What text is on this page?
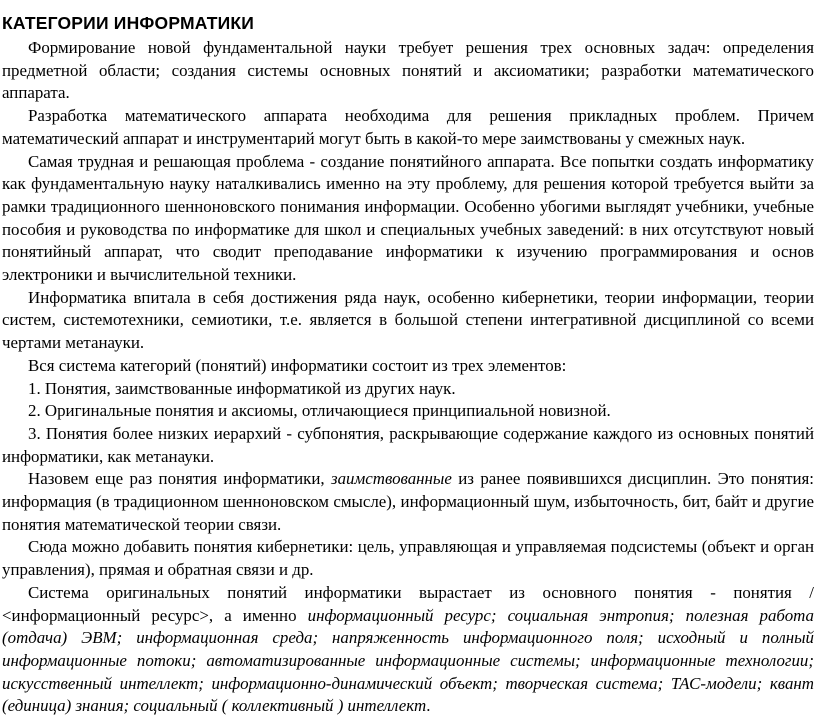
КАТЕГОРИИ ИНФОРМАТИКИ

Формирование новой фундаментальной науки требует решения трех основных задач: определения предметной области; создания системы основных понятий и аксиоматики; разработки математического аппарата.

Разработка математического аппарата необходима для решения прикладных проблем. Причем математический аппарат и инструментарий могут быть в какой-то мере заимствованы у смежных наук.

Самая трудная и решающая проблема - создание понятийного аппарата. Все попытки создать информатику как фундаментальную науку наталкивались именно на эту проблему, для решения которой требуется выйти за рамки традиционного шенноновского понимания информации. Особенно убогими выглядят учебники, учебные пособия и руководства по информатике для школ и специальных учебных заведений: в них отсутствуют новый понятийный аппарат, что сводит преподавание информатики к изучению программирования и основ электроники и вычислительной техники.

Информатика впитала в себя достижения ряда наук, особенно кибернетики, теории информации, теории систем, системотехники, семиотики, т.е. является в большой степени интегративной дисциплиной со всеми чертами метанауки.

Вся система категорий (понятий) информатики состоит из трех элементов:

1. Понятия, заимствованные информатикой из других наук.

2. Оригинальные понятия и аксиомы, отличающиеся принципиальной новизной.

3. Понятия более низких иерархий - субпонятия, раскрывающие содержание каждого из основных понятий информатики, как метанауки.

Назовем еще раз понятия информатики, заимствованные из ранее появившихся дисциплин. Это понятия: информация (в традиционном шенноновском смысле), информационный шум, избыточность, бит, байт и другие понятия математической теории связи.

Сюда можно добавить понятия кибернетики: цель, управляющая и управляемая подсистемы (объект и орган управления), прямая и обратная связи и др.

Система оригинальных понятий информатики вырастает из основного понятия - понятия / <информационный ресурс>, а именно информационный ресурс; социальная энтропия; полезная работа (отдача) ЭВМ; информационная среда; напряженность информационного поля; исходный и полный информационные потоки; автоматизированные информационные системы; информационные технологии; искусственный интеллект; информационно-динамический объект; творческая система; ТАС-модели; квант (единица) знания; социальный ( коллективный ) интеллект.
